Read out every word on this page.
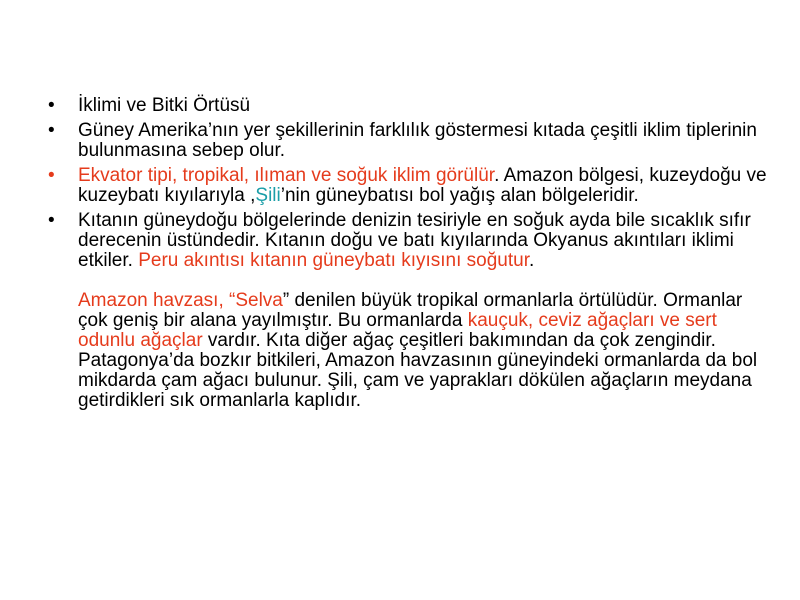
•	İklimi ve Bitki Örtüsü
•	Güney Amerika’nın yer şekillerinin farklılık göstermesi kıtada çeşitli iklim tiplerinin bulunmasına sebep olur.
•	Ekvator tipi, tropikal, ılıman ve soğuk iklim görülür. Amazon bölgesi, kuzeydoğu ve kuzeybatı kıyılarıyla ,Şili’nin güneybatısı bol yağış alan bölgeleridir.
•	Kıtanın güneydoğu bölgelerinde denizin tesiriyle en soğuk ayda bile sıcaklık sıfır derecenin üstündedir. Kıtanın doğu ve batı kıyılarında Okyanus akıntıları iklimi etkiler. Peru akıntısı kıtanın güneybatı kıyısını soğutur.
Amazon havzası, “Selva” denilen büyük tropikal ormanlarla örtülüdür. Ormanlar çok geniş bir alana yayılmıştır. Bu ormanlarda kauçuk, ceviz ağaçları ve sert odunlu ağaçlar vardır. Kıta diğer ağaç çeşitleri bakımından da çok zengindir. Patagonya’da bozkır bitkileri, Amazon havzasının güneyindeki ormanlarda da bol mikdarda çam ağacı bulunur. Şili, çam ve yaprakları dökülen ağaçların meydana getirdikleri sık ormanlarla kaplıdır.
